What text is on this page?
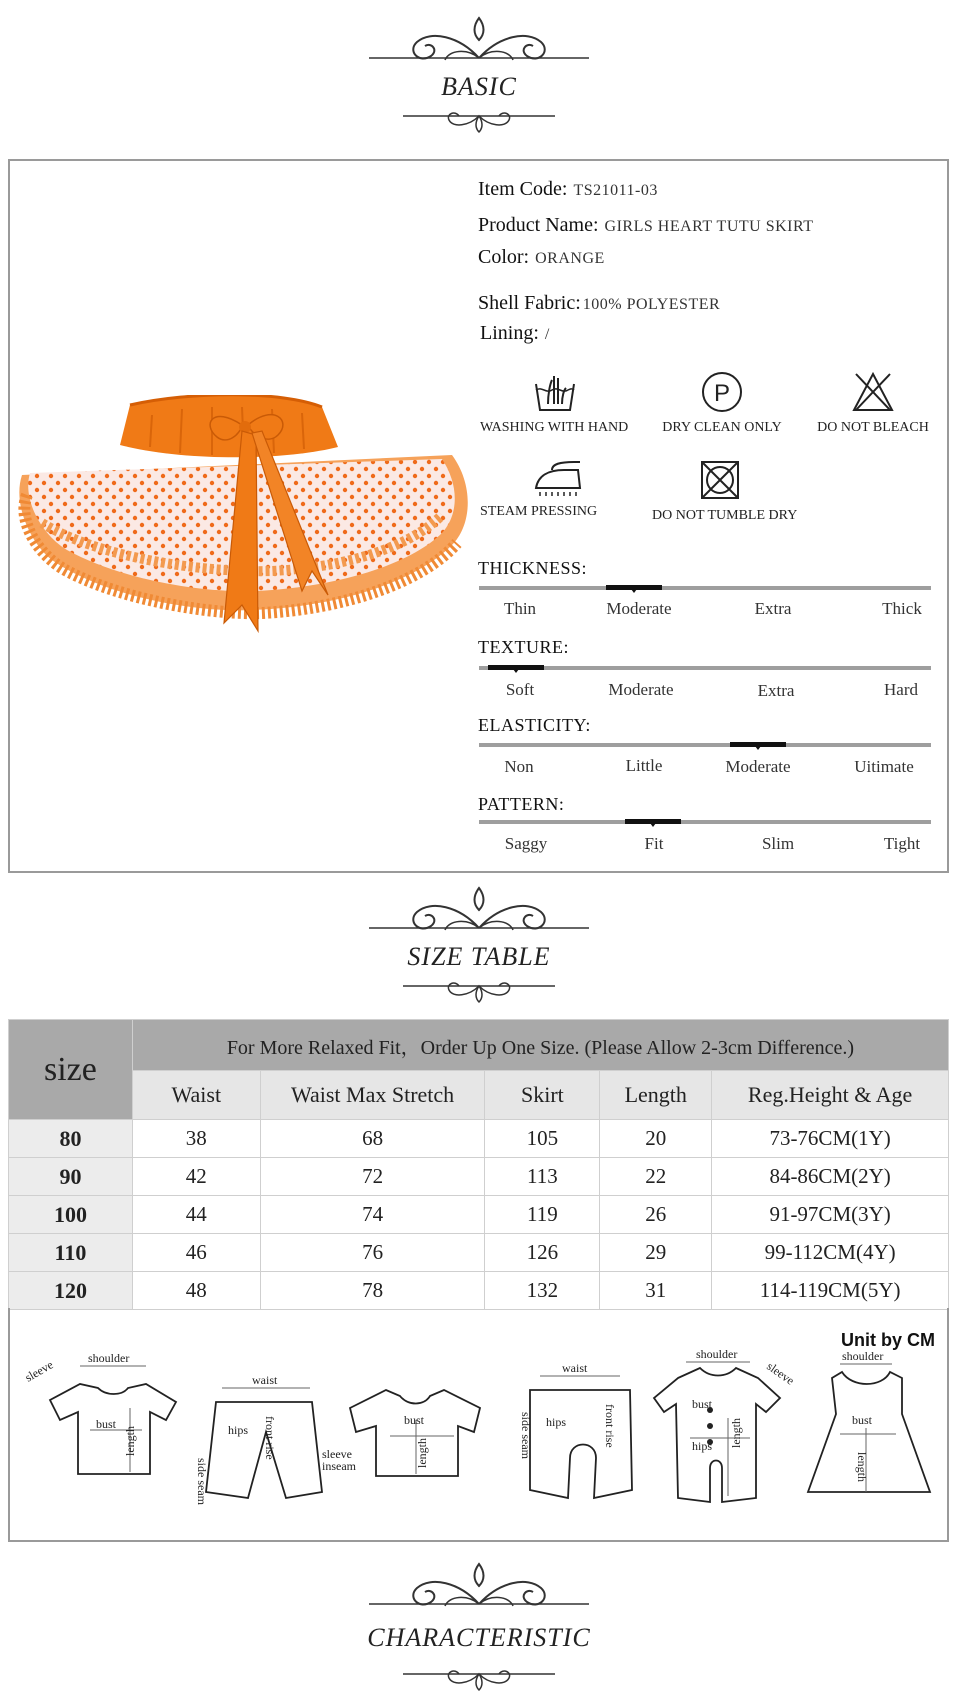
BASIC
Item Code: TS21011-03
Product Name: GIRLS HEART TUTU SKIRT
Color: ORANGE
Shell Fabric: 100% POLYESTER
Lining: /
WASHING WITH HAND
P
DRY CLEAN ONLY	DO NOT BLEACH
STEAM PRESSING	DO NOT TUMBLE DRY
THICKNESS:
Thin	Moderate	Extra	Thick
TEXTURE:
Soft	Moderate	Extra	Hard
ELASTICITY:
Non	Little	Moderate	Uitimate
PATTERN:
Saggy	Fit	Slim	Tight
SIZE TABLE
size	For More Relaxed Fit，Order Up One Size. (Please Allow 2-3cm Difference.)				
	Waist	Waist Max Stretch	Skirt	Length	Reg.Height & Age
80	38	68	105	20	73-76CM(1Y)
90	42	72	113	22	84-86CM(2Y)
100	44	74	119	26	91-97CM(3Y)
110	46	76	126	29	99-112CM(4Y)
120	48	78	132	31	114-119CM(5Y)
Unit by CM
shoulder
sleeve
bust
length
waist
hips
side seam
front rise	bust
length
sleeve
inseam
waist
hips
side seam	front rise
shoulder
sleeve
bust
hips length
shoulder
bust
length
CHARACTERISTIC
